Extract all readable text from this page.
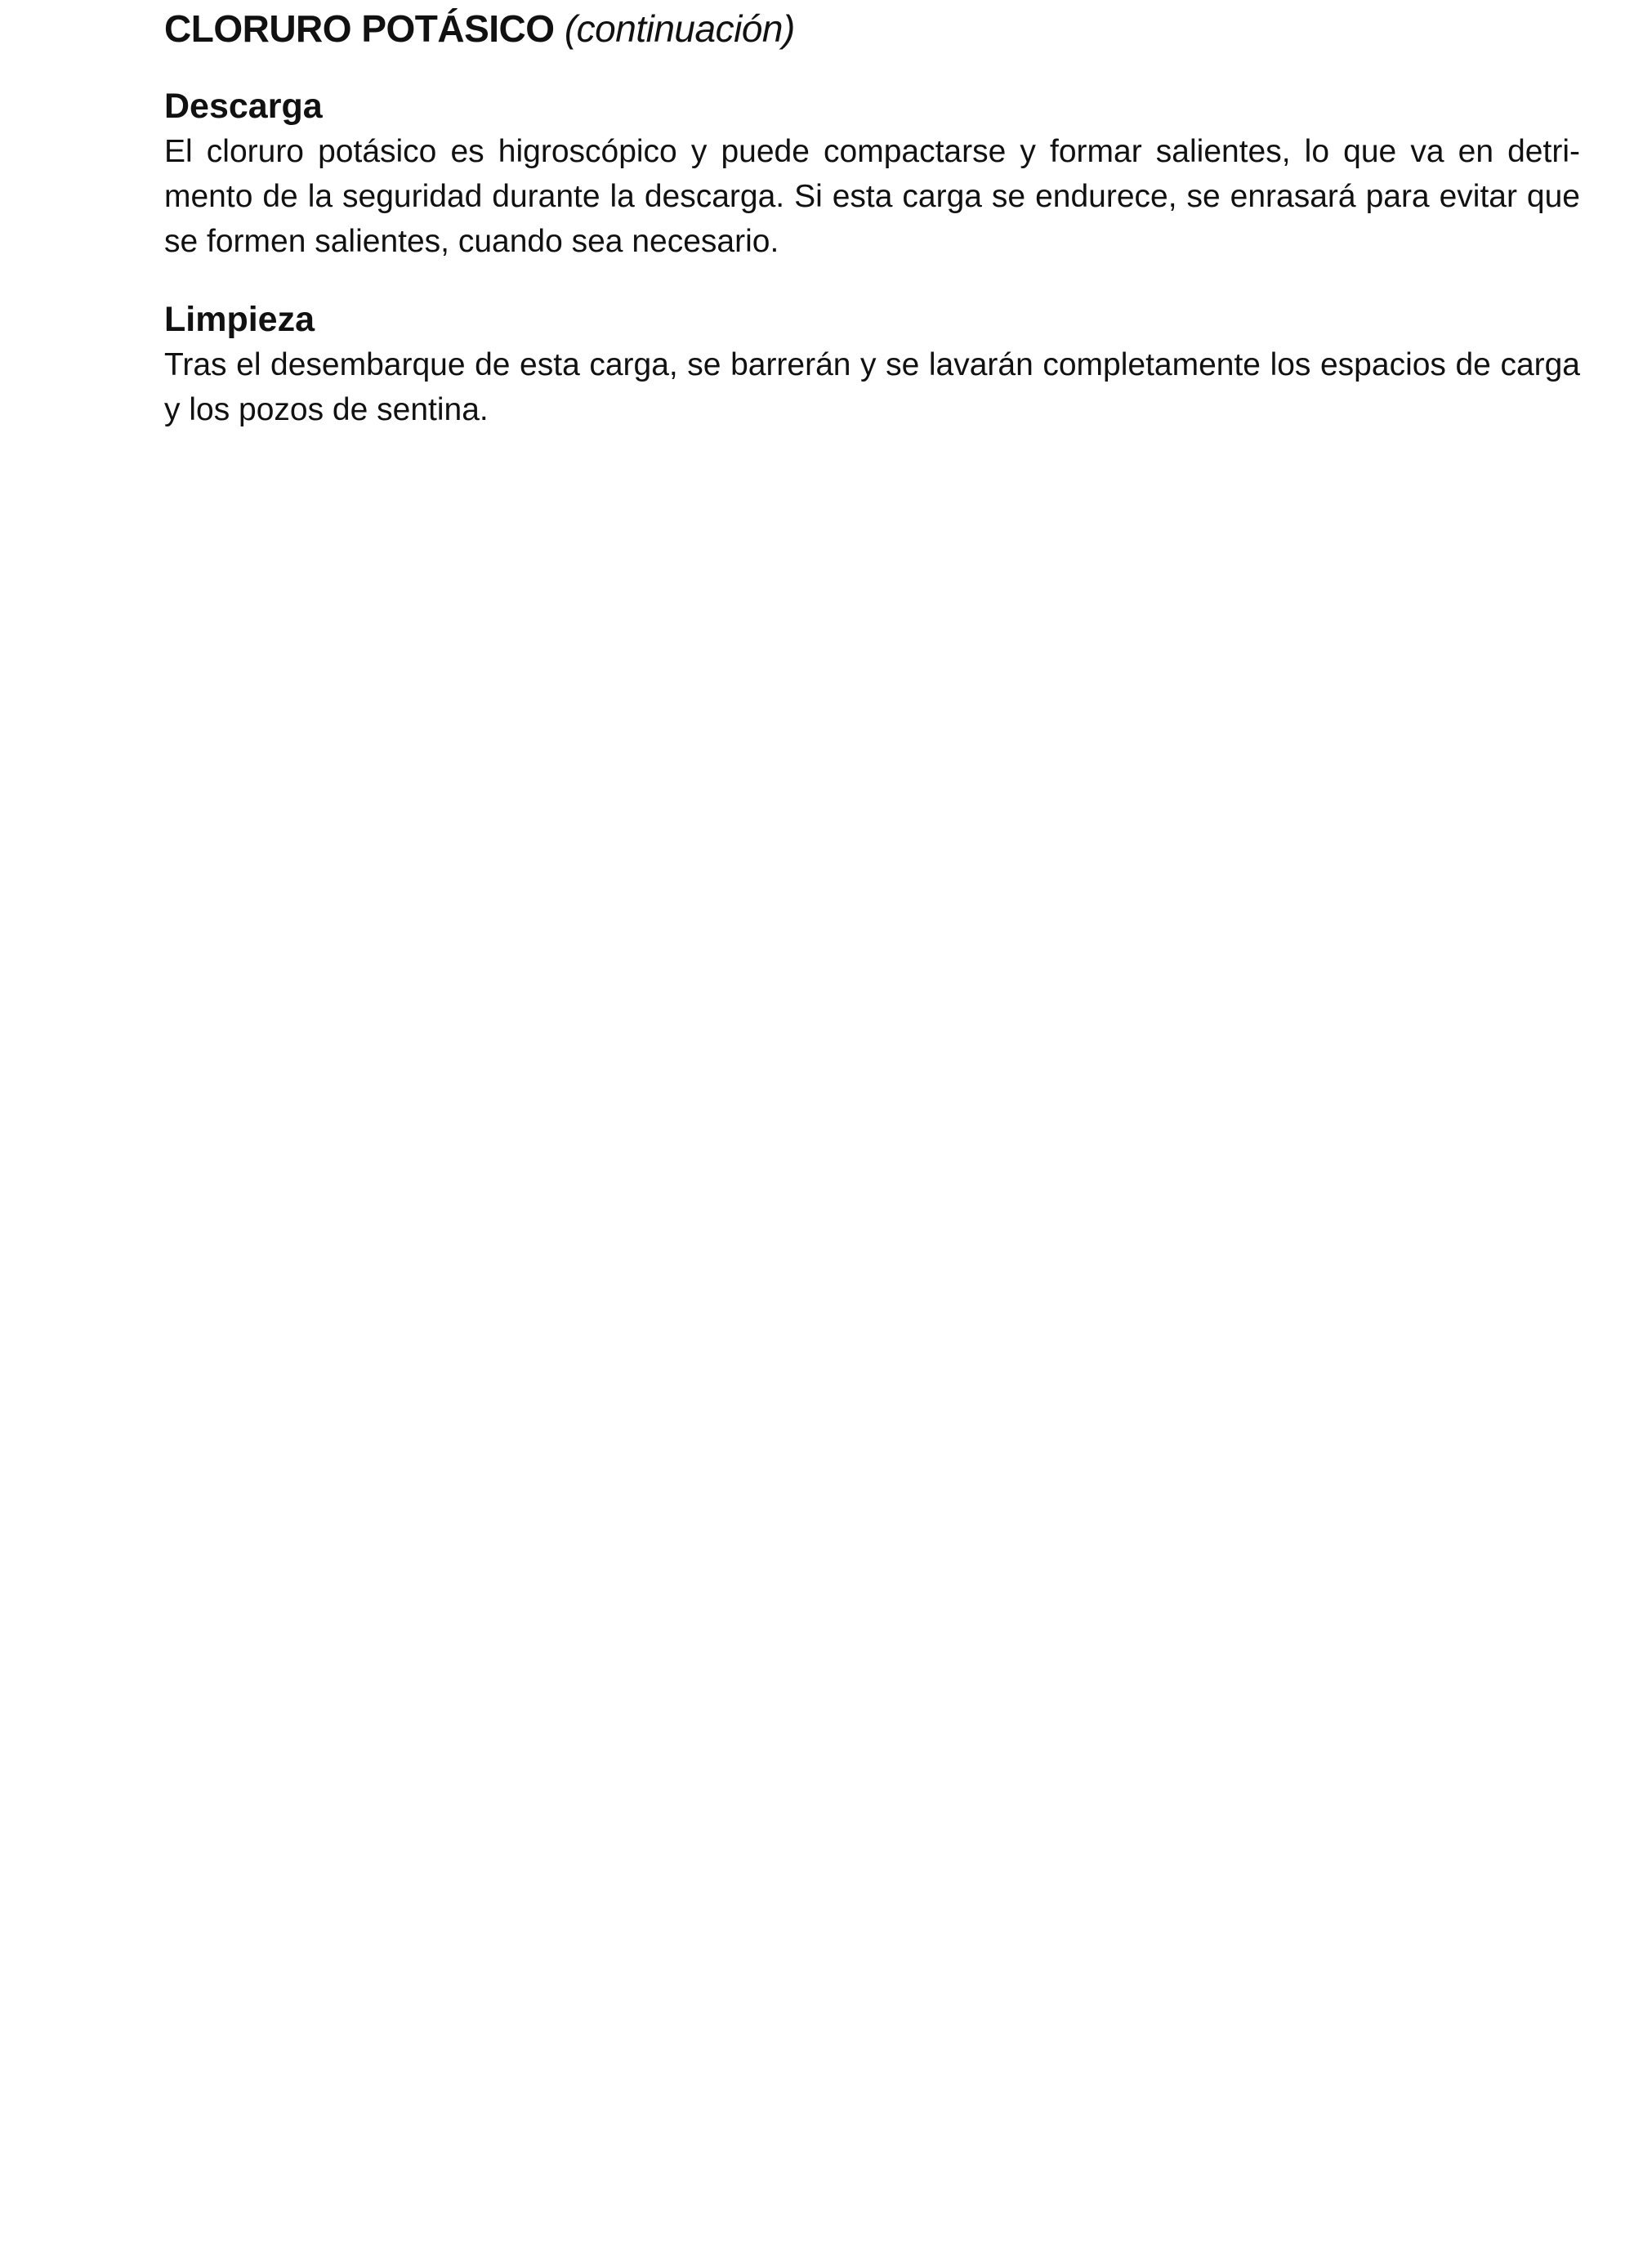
CLORURO POTÁSICO (continuación)
Descarga

El cloruro potásico es higroscópico y puede compactarse y formar salientes, lo que va en detrimento de la seguridad durante la descarga. Si esta carga se endurece, se enrasará para evitar que se formen salientes, cuando sea necesario.

Limpieza

Tras el desembarque de esta carga, se barrerán y se lavarán completamente los espacios de carga y los pozos de sentina.
